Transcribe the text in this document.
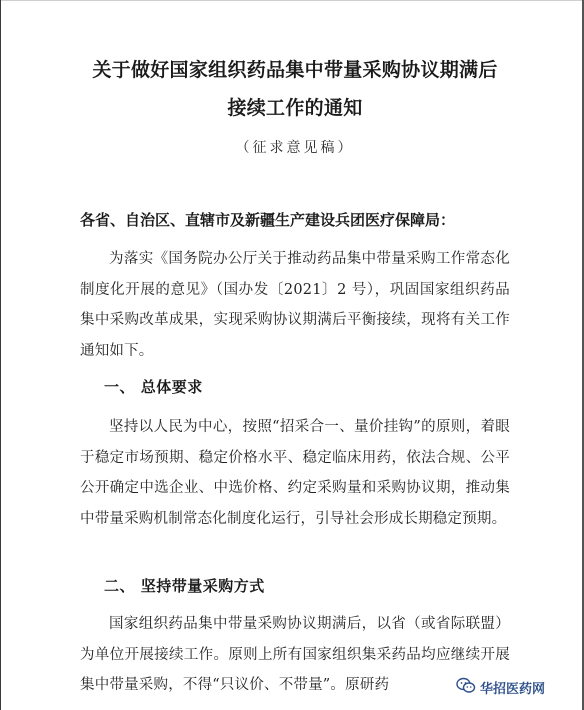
关于做好国家组织药品集中带量采购协议期满后
接续工作的通知
（征求意见稿）
各省、自治区、直辖市及新疆生产建设兵团医疗保障局：
为落实《国务院办公厅关于推动药品集中带量采购工作常态化制度化开展的意见》（国办发〔2021〕2 号），巩固国家组织药品集中采购改革成果，实现采购协议期满后平衡接续，现将有关工作通知如下。
一、 总体要求
坚持以人民为中心，按照“招采合一、量价挂钩”的原则，着眼于稳定市场预期、稳定价格水平、稳定临床用药，依法合规、公平公开确定中选企业、中选价格、约定采购量和采购协议期，推动集中带量采购机制常态化制度化运行，引导社会形成长期稳定预期。
二、 坚持带量采购方式
国家组织药品集中带量采购协议期满后，以省（或省际联盟）为单位开展接续工作。原则上所有国家组织集采药品均应继续开展集中带量采购，不得“只议价、不带量”。原研药	华招医药网
